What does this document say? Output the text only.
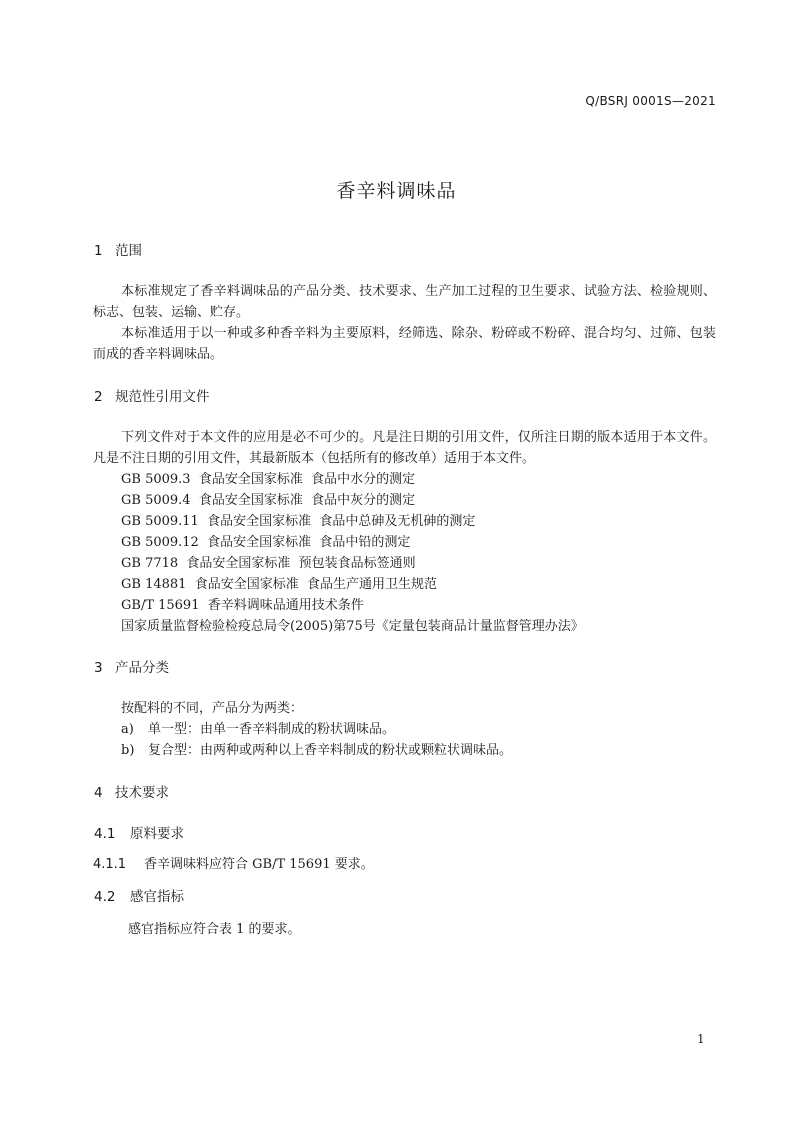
Q/BSRJ 0001S—2021
香辛料调味品
1 范围
本标准规定了香辛料调味品的产品分类、技术要求、生产加工过程的卫生要求、试验方法、检验规则、标志、包装、运输、贮存。
本标准适用于以一种或多种香辛料为主要原料，经筛选、除杂、粉碎或不粉碎、混合均匀、过筛、包装而成的香辛料调味品。
2 规范性引用文件
下列文件对于本文件的应用是必不可少的。凡是注日期的引用文件，仅所注日期的版本适用于本文件。凡是不注日期的引用文件，其最新版本（包括所有的修改单）适用于本文件。
GB 5009.3  食品安全国家标准  食品中水分的测定
GB 5009.4  食品安全国家标准  食品中灰分的测定
GB 5009.11  食品安全国家标准  食品中总砷及无机砷的测定
GB 5009.12  食品安全国家标准  食品中铅的测定
GB 7718  食品安全国家标准  预包装食品标签通则
GB 14881  食品安全国家标准  食品生产通用卫生规范
GB/T 15691  香辛料调味品通用技术条件
国家质量监督检验检疫总局令(2005)第75号《定量包装商品计量监督管理办法》
3 产品分类
按配料的不同，产品分为两类：
a) 单一型：由单一香辛料制成的粉状调味品。
b) 复合型：由两种或两种以上香辛料制成的粉状或颗粒状调味品。
4 技术要求
4.1 原料要求
4.1.1 香辛调味料应符合 GB/T 15691 要求。
4.2 感官指标
感官指标应符合表 1 的要求。
1
